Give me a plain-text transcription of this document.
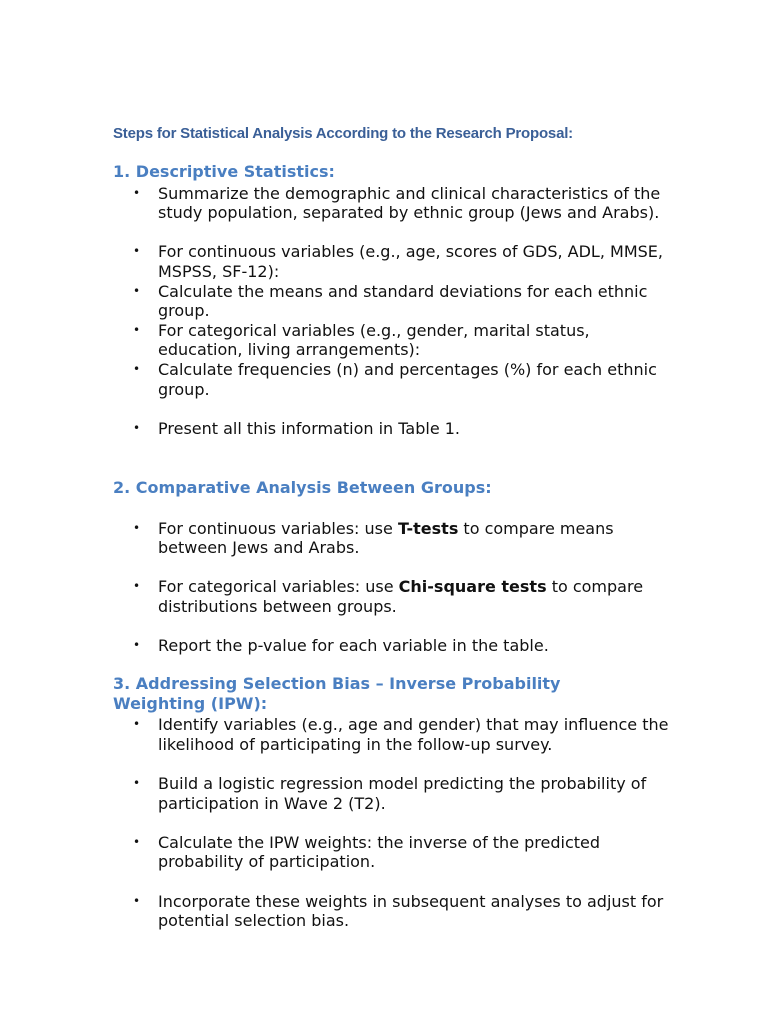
Steps for Statistical Analysis According to the Research Proposal:
1. Descriptive Statistics:
• Summarize the demographic and clinical characteristics of the study population, separated by ethnic group (Jews and Arabs).
• For continuous variables (e.g., age, scores of GDS, ADL, MMSE, MSPSS, SF-12):
• Calculate the means and standard deviations for each ethnic group.
• For categorical variables (e.g., gender, marital status, education, living arrangements):
• Calculate frequencies (n) and percentages (%) for each ethnic group.
• Present all this information in Table 1.
2. Comparative Analysis Between Groups:
• For continuous variables: use T-tests to compare means between Jews and Arabs.
• For categorical variables: use Chi-square tests to compare distributions between groups.
• Report the p-value for each variable in the table.
3. Addressing Selection Bias – Inverse Probability Weighting (IPW):
• Identify variables (e.g., age and gender) that may influence the likelihood of participating in the follow-up survey.
• Build a logistic regression model predicting the probability of participation in Wave 2 (T2).
• Calculate the IPW weights: the inverse of the predicted probability of participation.
• Incorporate these weights in subsequent analyses to adjust for potential selection bias.
